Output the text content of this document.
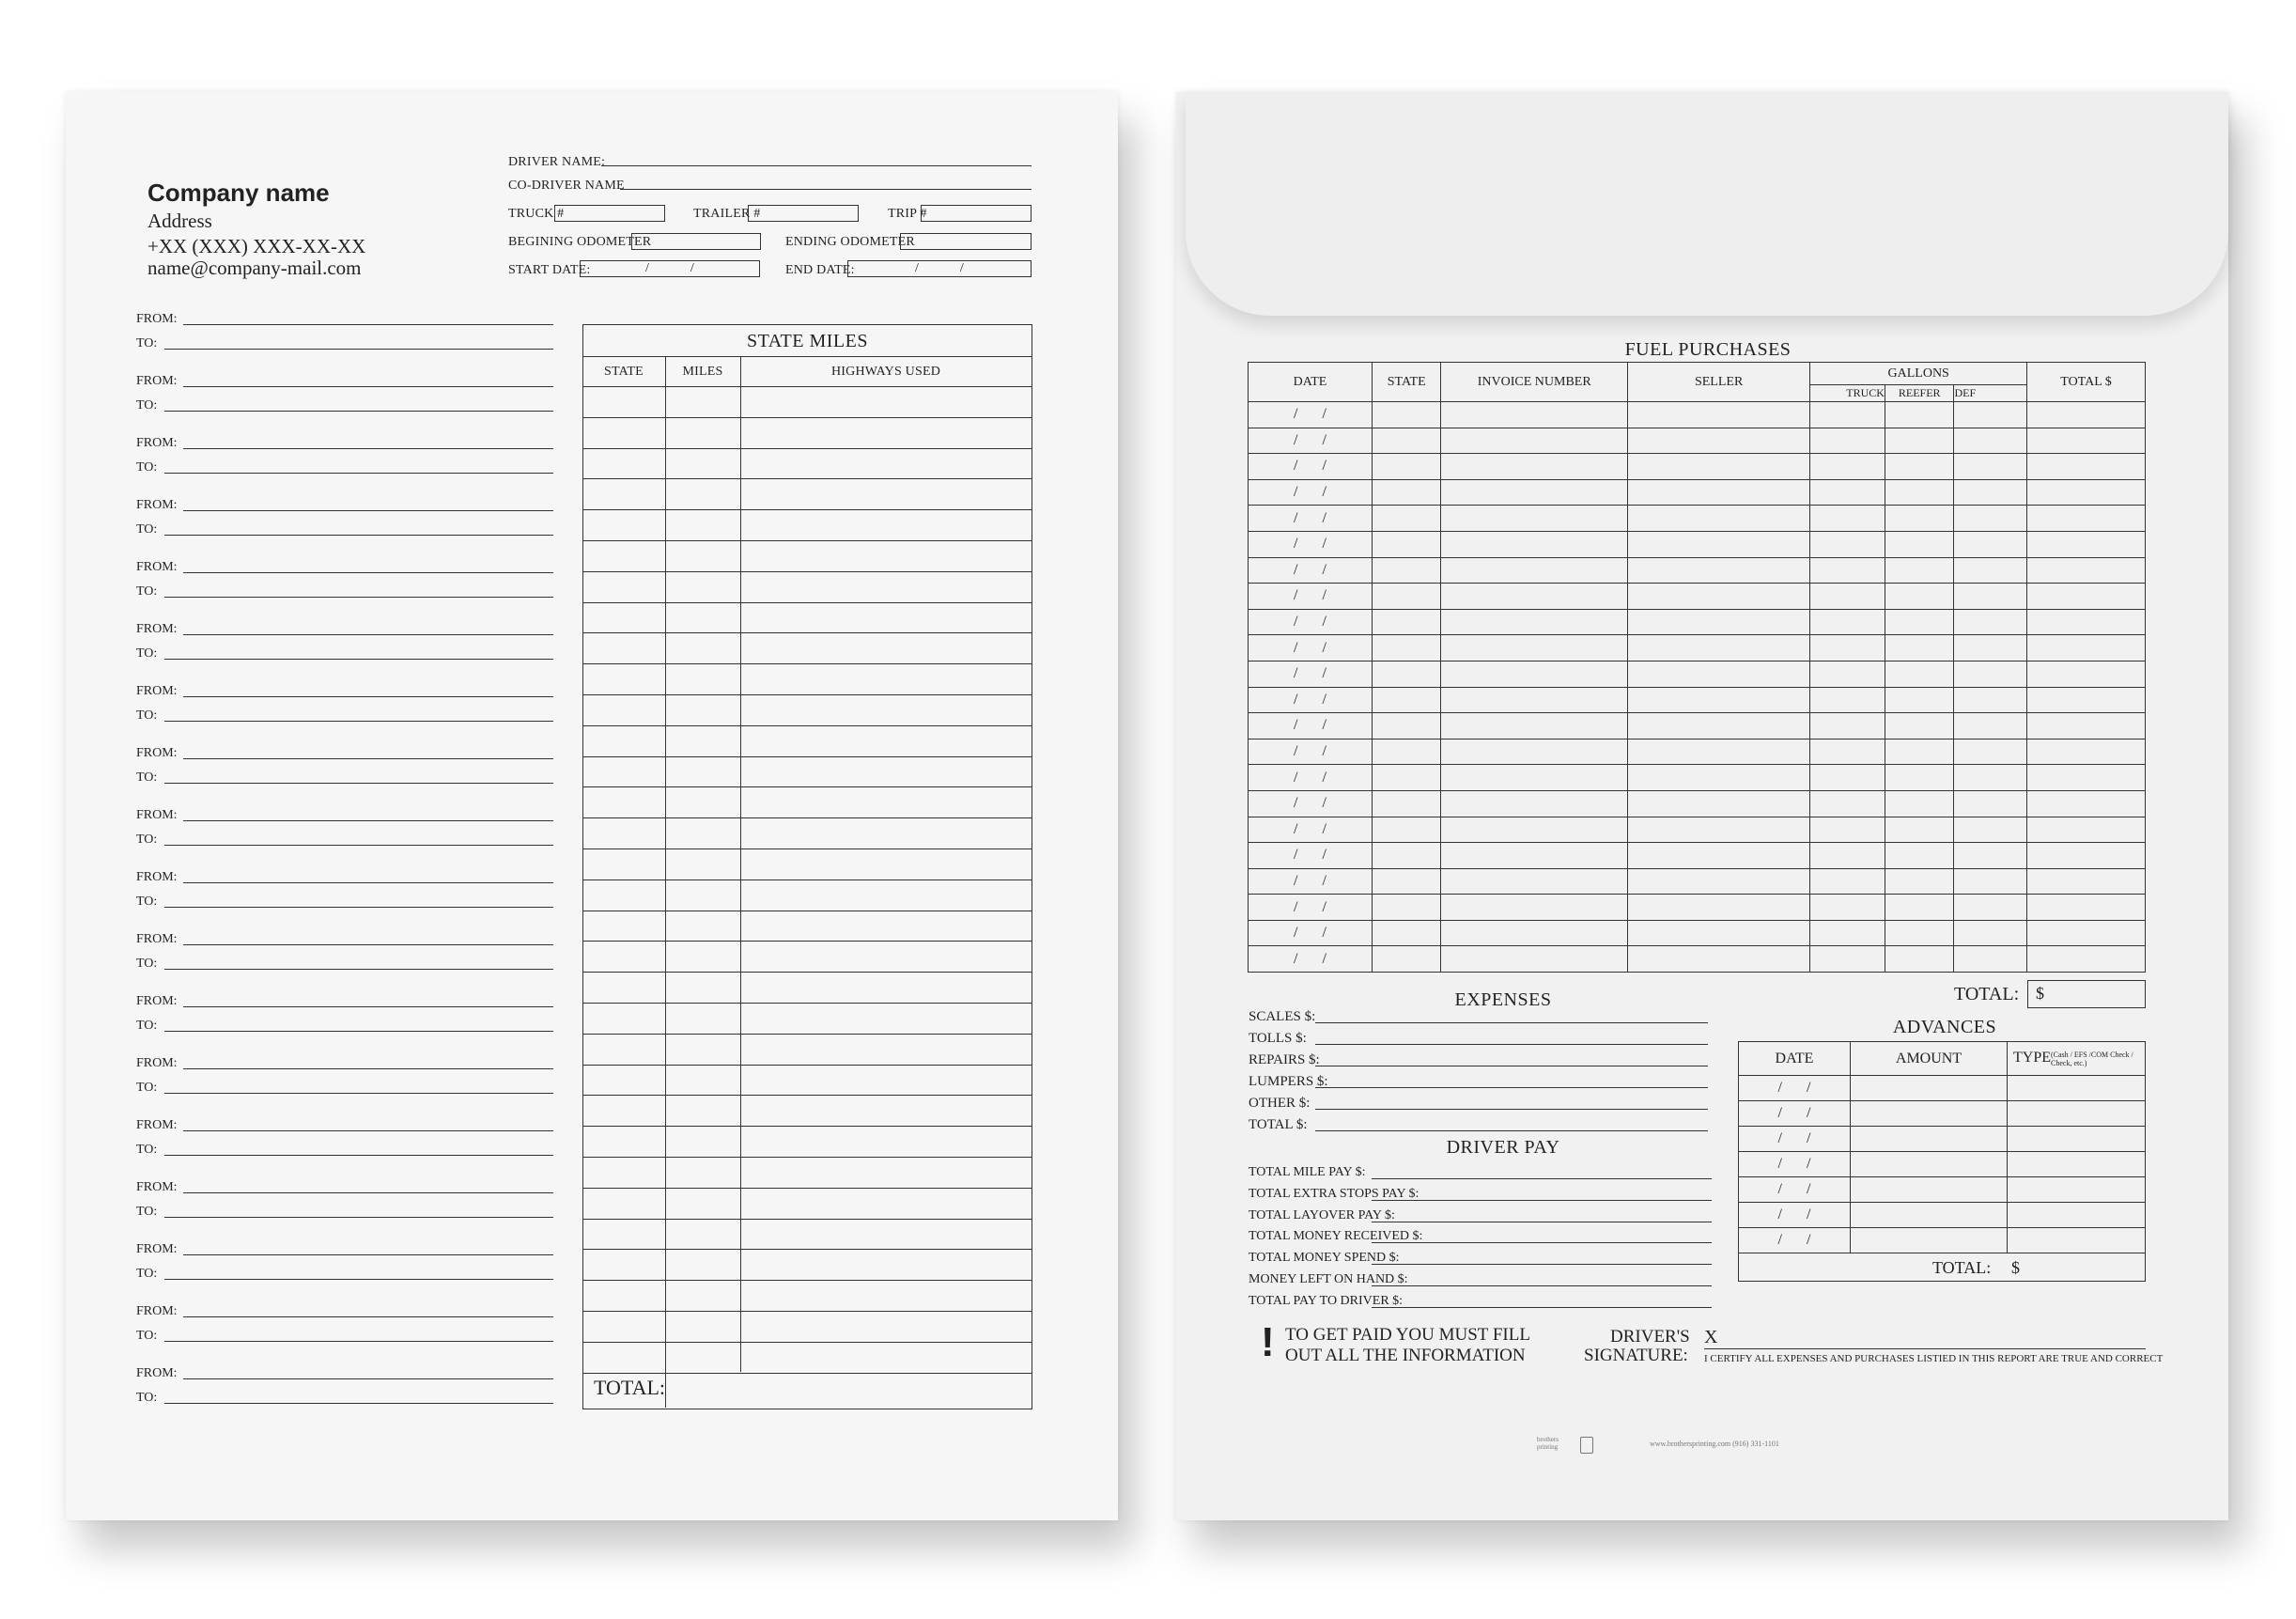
Company name
Address
+XX (XXX) XXX-XX-XX
name@company-mail.com
DRIVER NAME:
CO-DRIVER NAME
TRUCK #	TRAILER #	TRIP #
BEGINING ODOMETER	ENDING ODOMETER
START DATE:	/ /	END DATE:	/ /
FROM:
TO:
FROM:
TO:
FROM:
TO:
FROM:
TO:
FROM:
TO:
FROM:
TO:
FROM:
TO:
FROM:
TO:
FROM:
TO:
FROM:
TO:
FROM:
TO:
FROM:
TO:
FROM:
TO:
FROM:
TO:
FROM:
TO:
FROM:
TO:
FROM:
TO:
FROM:
TO:
STATE MILES
STATE	MILES	HIGHWAYS USED
TOTAL:
FUEL PURCHASES
DATE	STATE	INVOICE NUMBER	SELLER	GALLONS			TOTAL $
				TRUCK	REEFER	DEF	
/ /							
/ /							
/ /							
/ /							
/ /							
/ /							
/ /							
/ /							
/ /							
/ /							
/ /							
/ /							
/ /							
/ /							
/ /							
/ /							
/ /							
/ /							
/ /							
/ /							
/ /							
/ /							
TOTAL: $
EXPENSES
SCALES $:
TOLLS $:
REPAIRS $:
LUMPERS $:
OTHER $:
TOTAL $:
DRIVER PAY
TOTAL MILE PAY $:
TOTAL EXTRA STOPS PAY $:
TOTAL LAYOVER PAY $:
TOTAL MONEY RECEIVED $:
TOTAL MONEY SPEND $:
MONEY LEFT ON HAND $:
TOTAL PAY TO DRIVER $:
ADVANCES
DATE	AMOUNT	TYPE(Cash / EFS /COM Check / Check, etc.)
/ /		
/ /		
/ /		
/ /		
/ /		
/ /		
/ /		

TOTAL: $		
! TO GET PAID YOU MUST FILL
OUT ALL THE INFORMATION
DRIVER'S
SIGNATURE:
X
I CERTIFY ALL EXPENSES AND PURCHASES LISTIED IN THIS REPORT ARE TRUE AND CORRECT
brothers printing	www.brothersprinting.com (916) 331-1101
